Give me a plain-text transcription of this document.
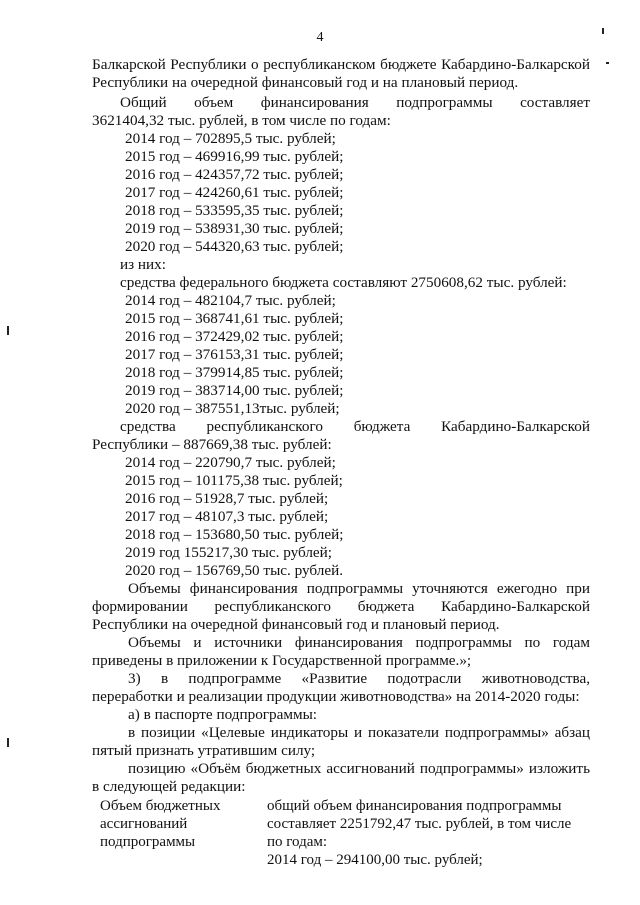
4
Балкарской Республики о республиканском бюджете Кабардино-Балкарской
Республики на очередной финансовый год и на плановый период.
Общий объем финансирования подпрограммы составляет
3621404,32 тыс. рублей, в том числе по годам:
2014 год – 702895,5 тыс. рублей;
2015 год – 469916,99 тыс. рублей;
2016 год – 424357,72 тыс. рублей;
2017 год – 424260,61 тыс. рублей;
2018 год – 533595,35 тыс. рублей;
2019 год – 538931,30 тыс. рублей;
2020 год – 544320,63 тыс. рублей;
из них:
средства федерального бюджета составляют 2750608,62 тыс. рублей:
2014 год – 482104,7 тыс. рублей;
2015 год – 368741,61 тыс. рублей;
2016 год – 372429,02 тыс. рублей;
2017 год – 376153,31 тыс. рублей;
2018 год – 379914,85 тыс. рублей;
2019 год – 383714,00 тыс. рублей;
2020 год – 387551,13тыс. рублей;
средства республиканского бюджета Кабардино-Балкарской
Республики – 887669,38 тыс. рублей:
2014 год – 220790,7 тыс. рублей;
2015 год – 101175,38 тыс. рублей;
2016 год – 51928,7 тыс. рублей;
2017 год – 48107,3 тыс. рублей;
2018 год – 153680,50 тыс. рублей;
2019 год 155217,30 тыс. рублей;
2020 год – 156769,50 тыс. рублей.
Объемы финансирования подпрограммы уточняются ежегодно при
формировании республиканского бюджета Кабардино-Балкарской
Республики на очередной финансовый год и плановый период.
Объемы и источники финансирования подпрограммы по годам
приведены в приложении к Государственной программе.»;
3) в подпрограмме «Развитие подотрасли животноводства,
переработки и реализации продукции животноводства» на 2014-2020 годы:
а) в паспорте подпрограммы:
в позиции «Целевые индикаторы и показатели подпрограммы» абзац
пятый признать утратившим силу;
позицию «Объём бюджетных ассигнований подпрограммы» изложить
в следующей редакции:
Объем бюджетных
ассигнований
подпрограммы
общий объем финансирования подпрограммы
составляет 2251792,47 тыс. рублей, в том числе
по годам:
2014 год – 294100,00 тыс. рублей;
